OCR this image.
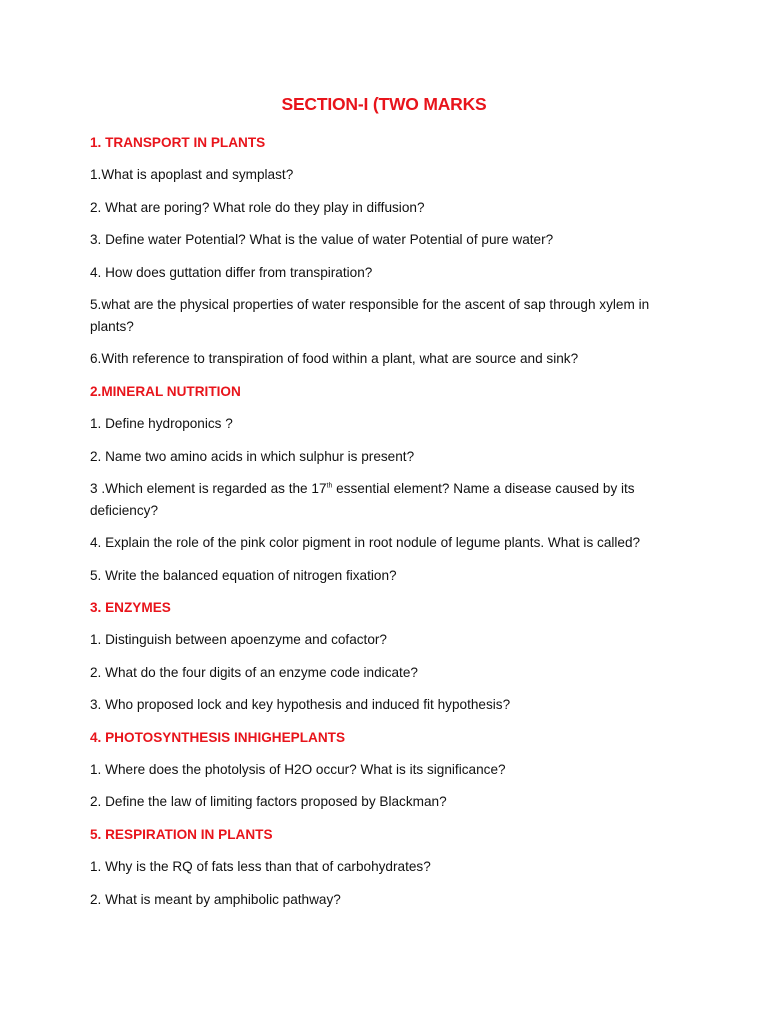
SECTION-I (TWO MARKS
1. TRANSPORT IN PLANTS
1.What is apoplast and symplast?
2. What are poring? What role do they play in diffusion?
3. Define water Potential? What is the value of water Potential of pure water?
4. How does guttation differ from transpiration?
5.what are the physical properties of water responsible for the ascent of sap through xylem in plants?
6.With reference to transpiration of food within a plant, what are source and sink?
2.MINERAL NUTRITION
1. Define hydroponics ?
2. Name two amino acids in which sulphur is present?
3 .Which element is regarded as the 17th essential element? Name a disease caused by its deficiency?
4. Explain the role of the pink color pigment in root nodule of legume plants. What is called?
5. Write the balanced equation of nitrogen fixation?
3. ENZYMES
1. Distinguish between apoenzyme and cofactor?
2. What do the four digits of an enzyme code indicate?
3. Who proposed lock and key hypothesis and induced fit hypothesis?
4. PHOTOSYNTHESIS INHIGHEPLANTS
1. Where does the photolysis of H2O occur? What is its significance?
2. Define the law of limiting factors proposed by Blackman?
5. RESPIRATION IN PLANTS
1. Why is the RQ of fats less than that of carbohydrates?
2. What is meant by amphibolic pathway?
